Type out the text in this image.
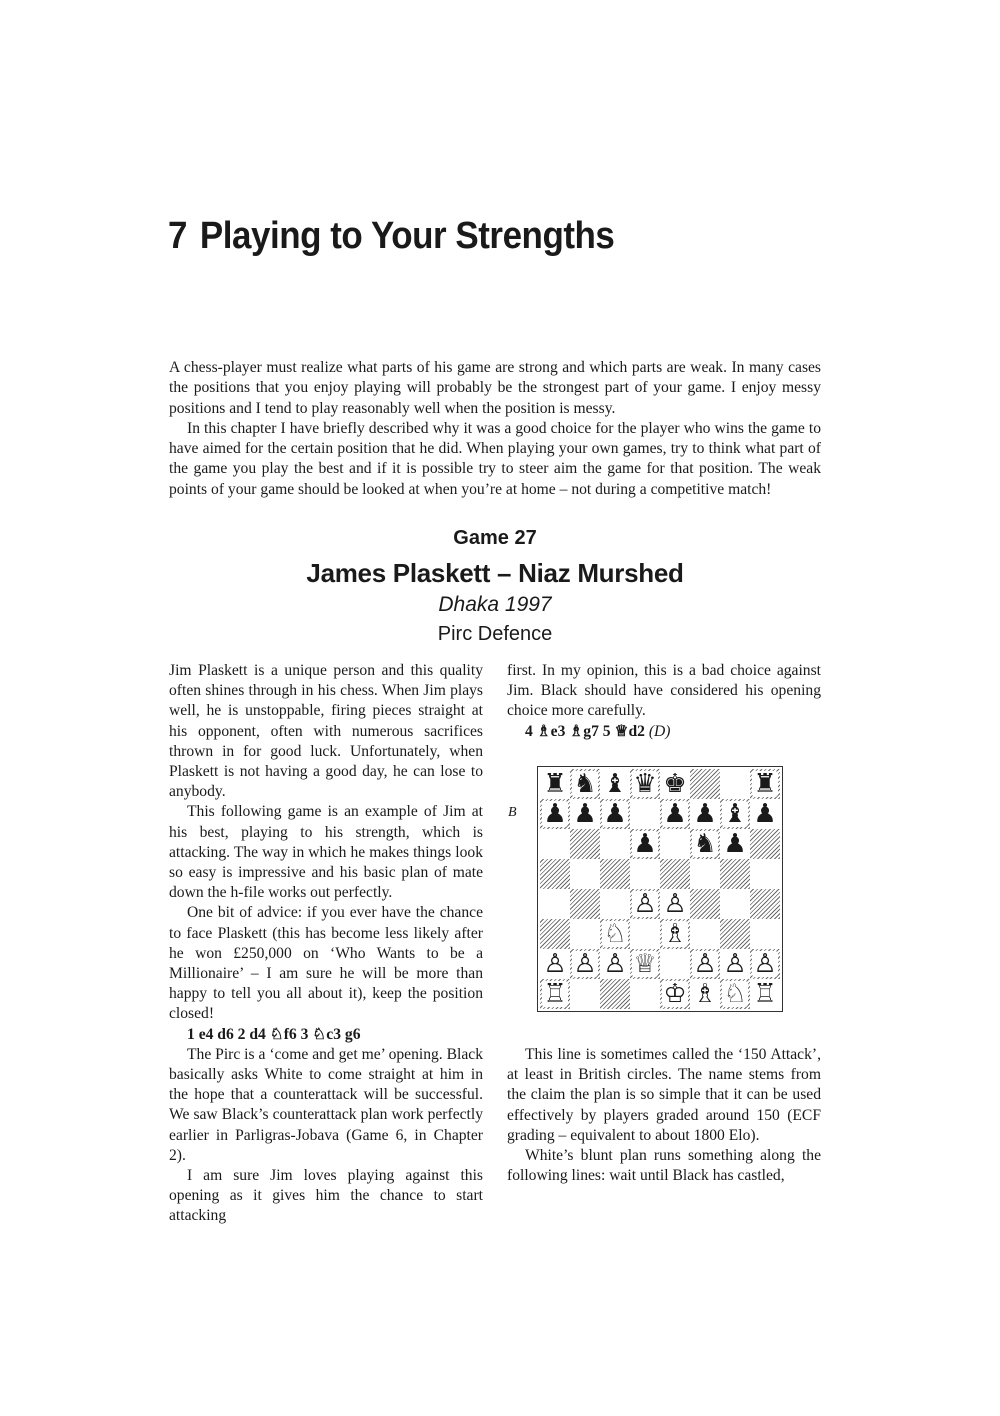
7 Playing to Your Strengths

A chess-player must realize what parts of his game are strong and which parts are weak. In many cases the positions that you enjoy playing will probably be the strongest part of your game. I enjoy messy positions and I tend to play reasonably well when the position is messy.

In this chapter I have briefly described why it was a good choice for the player who wins the game to have aimed for the certain position that he did. When playing your own games, try to think what part of the game you play the best and if it is possible try to steer aim the game for that position. The weak points of your game should be looked at when you’re at home – not during a competitive match!

Game 27

James Plaskett – Niaz Murshed

Dhaka 1997

Pirc Defence

Jim Plaskett is a unique person and this quality often shines through in his chess. When Jim plays well, he is unstoppable, firing pieces straight at his opponent, often with numerous sacrifices thrown in for good luck. Unfortunately, when Plaskett is not having a good day, he can lose to anybody.

This following game is an example of Jim at his best, playing to his strength, which is attacking. The way in which he makes things look so easy is impressive and his basic plan of mate down the h-file works out perfectly.

One bit of advice: if you ever have the chance to face Plaskett (this has become less likely after he won £250,000 on ‘Who Wants to be a Millionaire’ – I am sure he will be more than happy to tell you all about it), keep the position closed!

1 e4 d6 2 d4 ♘f6 3 ♘c3 g6

The Pirc is a ‘come and get me’ opening. Black basically asks White to come straight at him in the hope that a counterattack will be successful. We saw Black’s counterattack plan work perfectly earlier in Parligras-Jobava (Game 6, in Chapter 2).

I am sure Jim loves playing against this opening as it gives him the chance to start attacking

first. In my opinion, this is a bad choice against Jim. Black should have considered his opening choice more carefully.

4 ♗e3 ♗g7 5 ♕d2 (D)

B
♜ ♞ ♝ ♛ ♚	♜
♟ ♟ ♟ ♟ ♟ ♝ ♟
♟ ♞ ♟
♙ ♙
♘ ♗
♙ ♙ ♙ ♕ ♙ ♙ ♙
♖	♔ ♗ ♘ ♖

This line is sometimes called the ‘150 Attack’, at least in British circles. The name stems from the claim the plan is so simple that it can be used effectively by players graded around 150 (ECF grading – equivalent to about 1800 Elo).

White’s blunt plan runs something along the following lines: wait until Black has castled,
